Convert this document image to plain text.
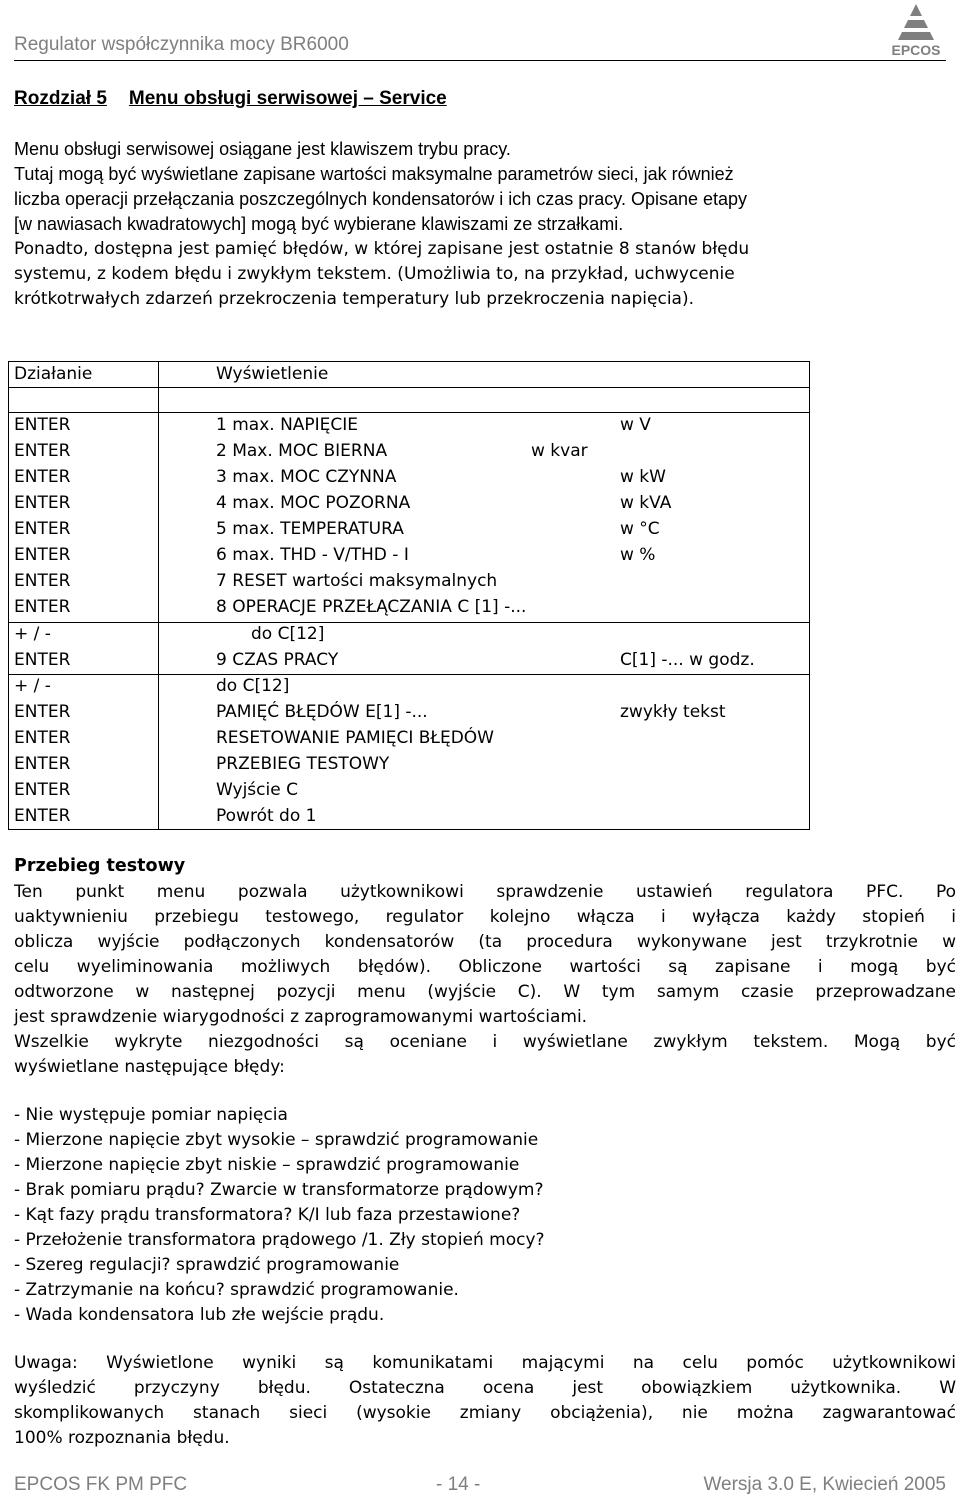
Regulator współczynnika mocy BR6000	EPCOS
Rozdział 5 Menu obsługi serwisowej – Service
Menu obsługi serwisowej osiągane jest klawiszem trybu pracy.
Tutaj mogą być wyświetlane zapisane wartości maksymalne parametrów sieci, jak również
liczba operacji przełączania poszczególnych kondensatorów i ich czas pracy. Opisane etapy
[w nawiasach kwadratowych] mogą być wybierane klawiszami ze strzałkami.
Ponadto, dostępna jest pamięć błędów, w której zapisane jest ostatnie 8 stanów błędu
systemu, z kodem błędu i zwykłym tekstem. (Umożliwia to, na przykład, uchwycenie
krótkotrwałych zdarzeń przekroczenia temperatury lub przekroczenia napięcia).
Działanie	Wyświetlenie
ENTER	1 max. NAPIĘCIE	w V
ENTER	2 Max. MOC BIERNA	w kvar
ENTER	3 max. MOC CZYNNA	w kW
ENTER	4 max. MOC POZORNA	w kVA
ENTER	5 max. TEMPERATURA	w °C
ENTER	6 max. THD - V/THD - I	w %
ENTER	7 RESET wartości maksymalnych
ENTER	8 OPERACJE PRZEŁĄCZANIA C [1] -...
+ / -	do C[12]
ENTER	9 CZAS PRACY	C[1] -... w godz.
+ / -	do C[12]
ENTER	PAMIĘĆ BŁĘDÓW E[1] -...	zwykły tekst
ENTER	RESETOWANIE PAMIĘCI BŁĘDÓW
ENTER	PRZEBIEG TESTOWY
ENTER	Wyjście C
ENTER	Powrót do 1
Przebieg testowy
Ten punkt menu pozwala użytkownikowi sprawdzenie ustawień regulatora PFC. Po
uaktywnieniu przebiegu testowego, regulator kolejno włącza i wyłącza każdy stopień i
oblicza wyjście podłączonych kondensatorów (ta procedura wykonywane jest trzykrotnie w
celu wyeliminowania możliwych błędów). Obliczone wartości są zapisane i mogą być
odtworzone w następnej pozycji menu (wyjście C). W tym samym czasie przeprowadzane
jest sprawdzenie wiarygodności z zaprogramowanymi wartościami.
Wszelkie wykryte niezgodności są oceniane i wyświetlane zwykłym tekstem. Mogą być
wyświetlane następujące błędy:
- Nie występuje pomiar napięcia
- Mierzone napięcie zbyt wysokie – sprawdzić programowanie
- Mierzone napięcie zbyt niskie – sprawdzić programowanie
- Brak pomiaru prądu? Zwarcie w transformatorze prądowym?
- Kąt fazy prądu transformatora? K/I lub faza przestawione?
- Przełożenie transformatora prądowego /1. Zły stopień mocy?
- Szereg regulacji? sprawdzić programowanie
- Zatrzymanie na końcu? sprawdzić programowanie.
- Wada kondensatora lub złe wejście prądu.
Uwaga: Wyświetlone wyniki są komunikatami mającymi na celu pomóc użytkownikowi
wyśledzić przyczyny błędu. Ostateczna ocena jest obowiązkiem użytkownika. W
skomplikowanych stanach sieci (wysokie zmiany obciążenia), nie można zagwarantować
100% rozpoznania błędu.
EPCOS FK PM PFC	- 14 -	Wersja 3.0 E, Kwiecień 2005
